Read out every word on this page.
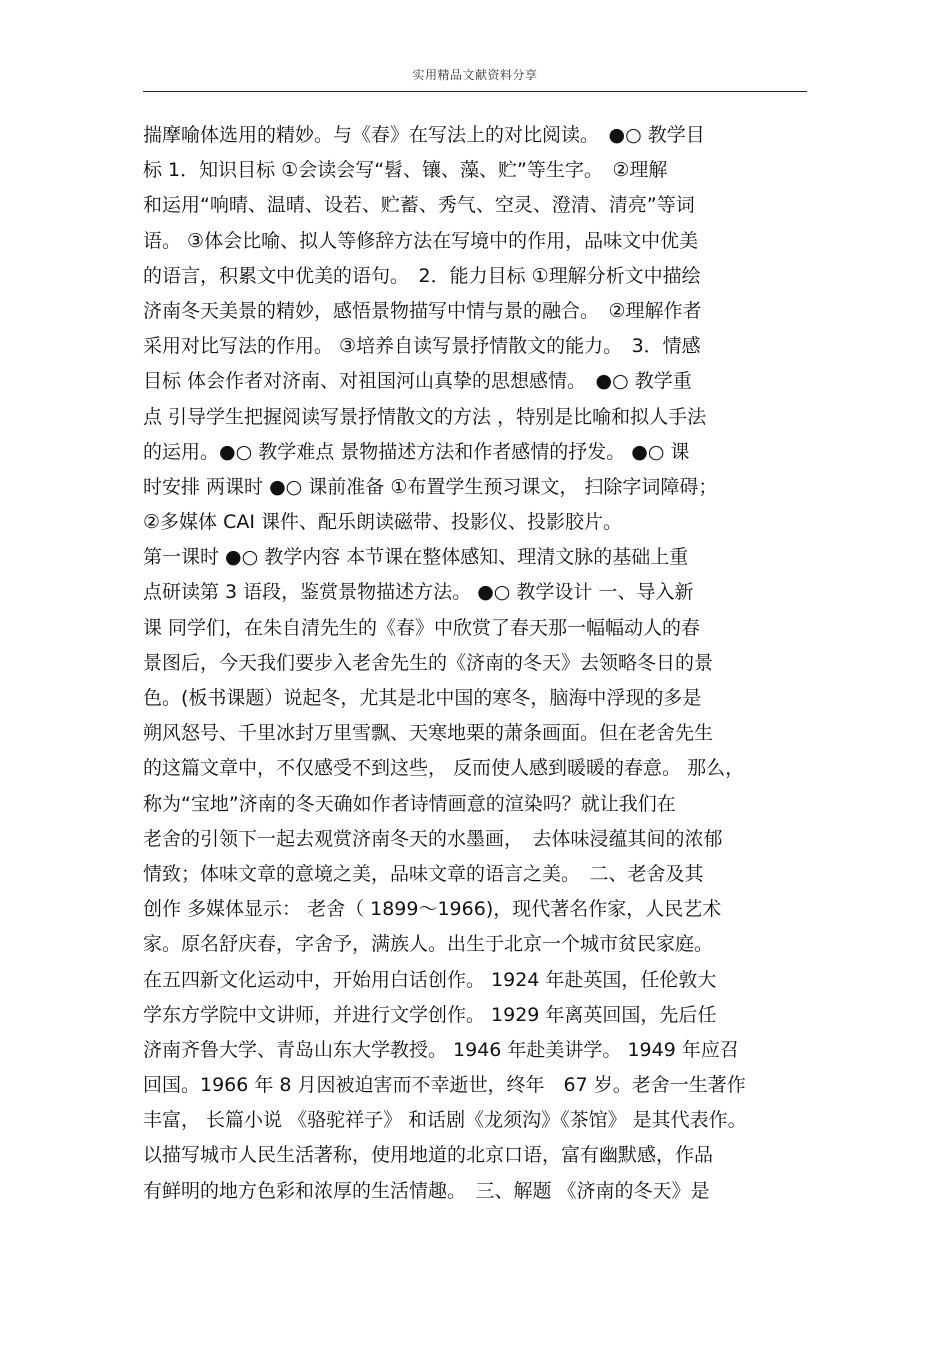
实用精品文献资料分享
揣摩喻体选用的精妙。与《春》在写法上的对比阅读。　●○ 教学目
标 1．知识目标 ①会读会写“髫、镶、藻、贮”等生字。　②理解
和运用“响晴、温晴、设若、贮蓄、秀气、空灵、澄清、清亮”等词
语。 ③体会比喻、拟人等修辞方法在写境中的作用，品味文中优美
的语言，积累文中优美的语句。　2．能力目标 ①理解分析文中描绘
济南冬天美景的精妙，感悟景物描写中情与景的融合。　②理解作者
采用对比写法的作用。 ③培养自读写景抒情散文的能力。　3．情感
目标 体会作者对济南、对祖国河山真挚的思想感情。　●○ 教学重
点 引导学生把握阅读写景抒情散文的方法 ，特别是比喻和拟人手法
的运用。●○ 教学难点 景物描述方法和作者感情的抒发。 ●○ 课
时安排 两课时 ●○ 课前准备 ①布置学生预习课文， 扫除字词障碍；
②多媒体 CAI 课件、配乐朗读磁带、投影仪、投影胶片。
第一课时 ●○ 教学内容 本节课在整体感知、理清文脉的基础上重
点研读第 3 语段，鉴赏景物描述方法。 ●○ 教学设计 一、导入新
课 同学们，在朱自清先生的《春》中欣赏了春天那一幅幅动人的春
景图后，今天我们要步入老舍先生的《济南的冬天》去领略冬日的景
色。(板书课题）说起冬，尤其是北中国的寒冬，脑海中浮现的多是
朔风怒号、千里冰封万里雪飘、天寒地栗的萧条画面。但在老舍先生
的这篇文章中，不仅感受不到这些， 反而使人感到暖暖的春意。 那么，
称为“宝地”济南的冬天确如作者诗情画意的渲染吗？就让我们在
老舍的引领下一起去观赏济南冬天的水墨画，　去体味浸蕴其间的浓郁
情致；体味文章的意境之美，品味文章的语言之美。　二、老舍及其
创作 多媒体显示： 老舍（ 1899～1966)，现代著名作家，人民艺术
家。原名舒庆春，字舍予，满族人。出生于北京一个城市贫民家庭。
在五四新文化运动中，开始用白话创作。 1924 年赴英国，任伦敦大
学东方学院中文讲师，并进行文学创作。 1929 年离英回国，先后任
济南齐鲁大学、青岛山东大学教授。 1946 年赴美讲学。 1949 年应召
回国。1966 年 8 月因被迫害而不幸逝世，终年　67 岁。老舍一生著作
丰富， 长篇小说 《骆驼祥子》 和话剧《龙须沟》《茶馆》 是其代表作。
以描写城市人民生活著称，使用地道的北京口语，富有幽默感，作品
有鲜明的地方色彩和浓厚的生活情趣。　三、解题 《济南的冬天》是
